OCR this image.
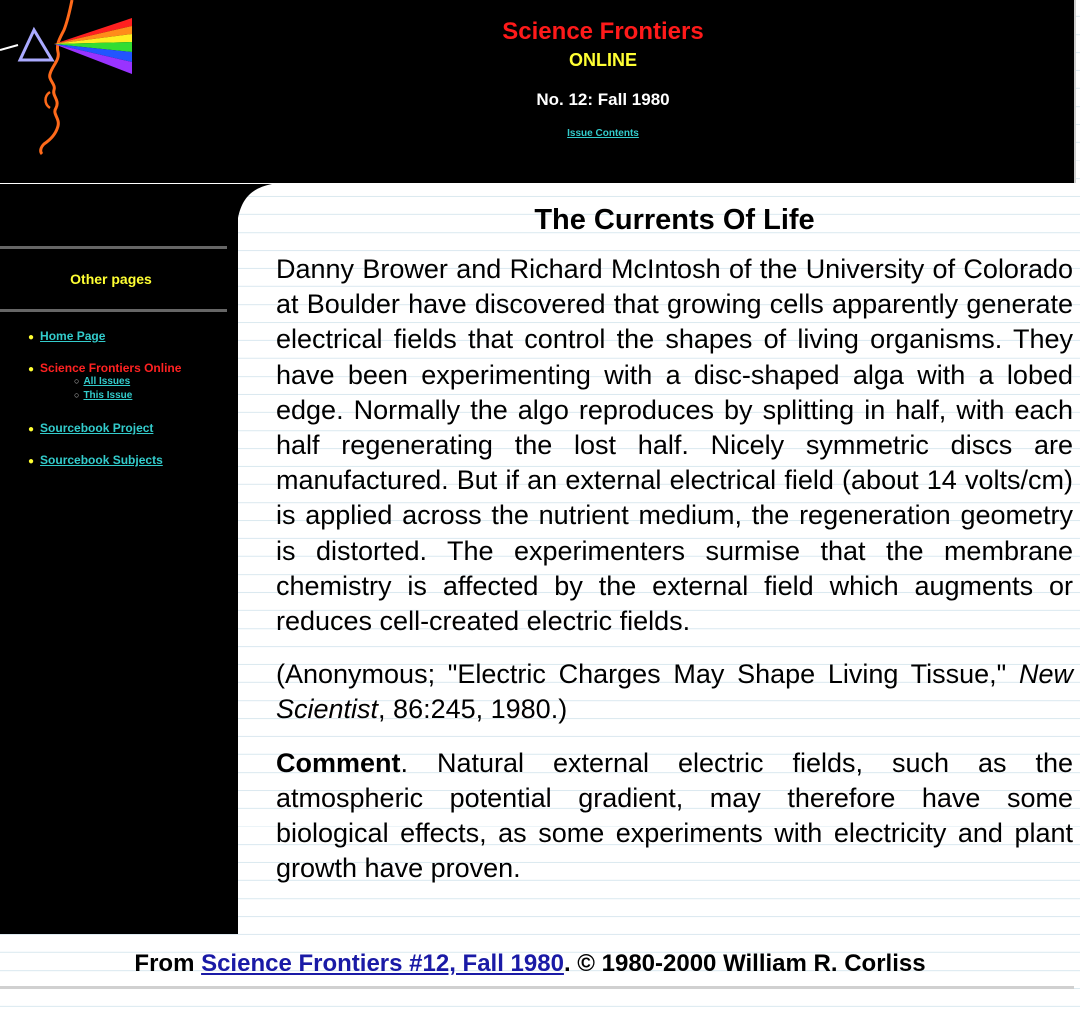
Science Frontiers
ONLINE
No. 12: Fall 1980
Issue Contents
Other pages
● Home Page
● Science Frontiers Online
○ All Issues
○ This Issue
● Sourcebook Project
● Sourcebook Subjects
The Currents Of Life

Danny Brower and Richard McIntosh of the University of Colorado at Boulder have discovered that growing cells apparently generate electrical fields that control the shapes of living organisms. They have been experimenting with a disc-shaped alga with a lobed edge. Normally the algo reproduces by splitting in half, with each half regenerating the lost half. Nicely symmetric discs are manufactured. But if an external electrical field (about 14 volts/cm) is applied across the nutrient medium, the regeneration geometry is distorted. The experimenters surmise that the membrane chemistry is affected by the external field which augments or reduces cell-created electric fields.

(Anonymous; "Electric Charges May Shape Living Tissue," New Scientist, 86:245, 1980.)

Comment. Natural external electric fields, such as the atmospheric potential gradient, may therefore have some biological effects, as some experiments with electricity and plant growth have proven.

From Science Frontiers #12, Fall 1980. © 1980-2000 William R. Corliss
